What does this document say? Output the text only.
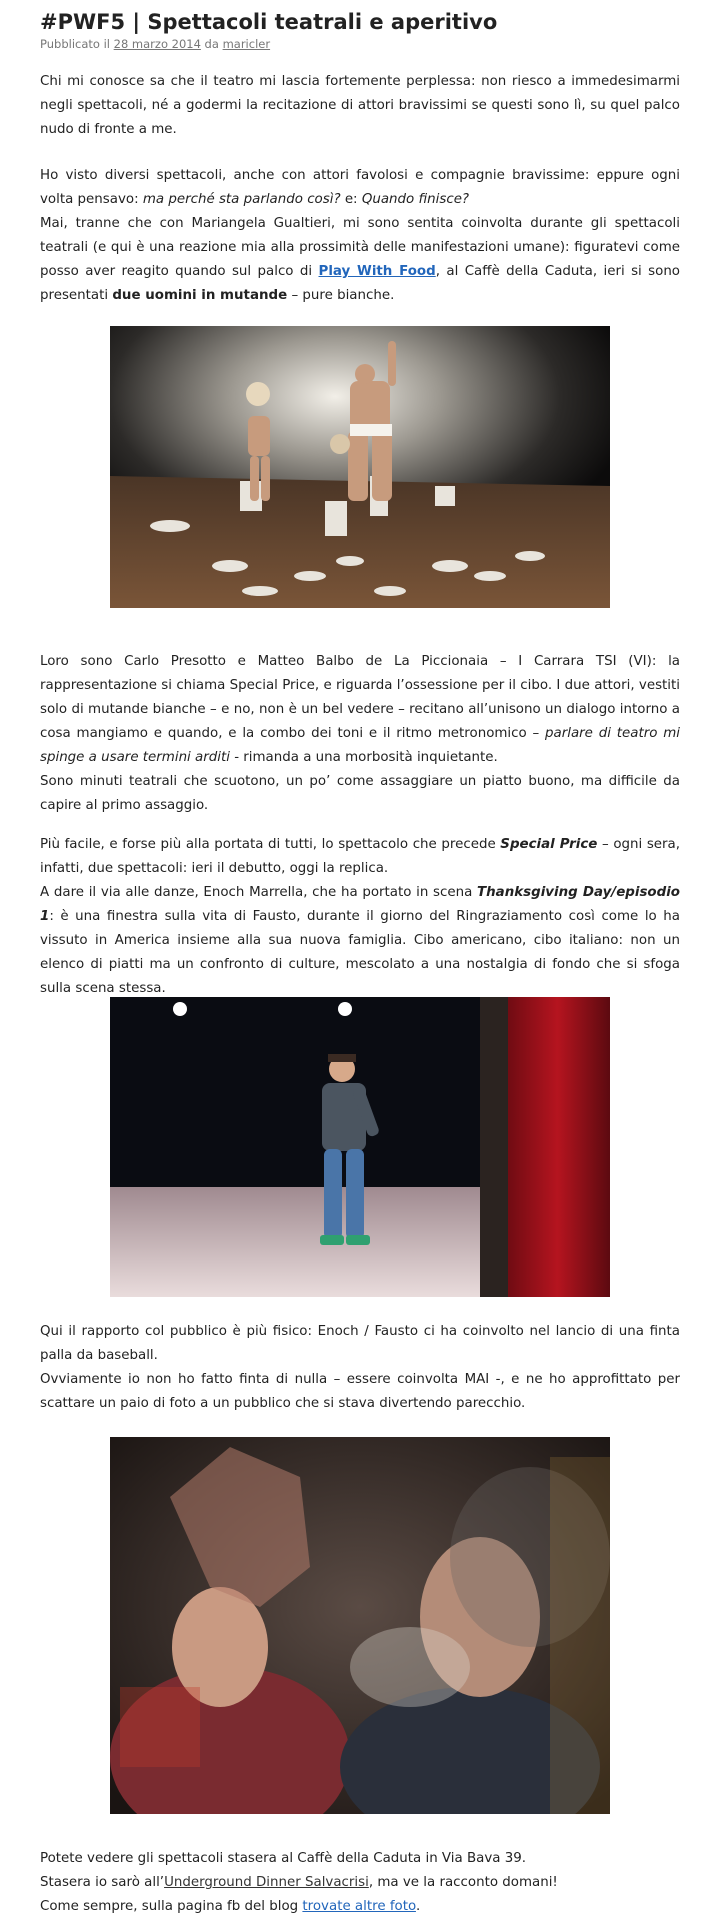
#PWF5 | Spettacoli teatrali e aperitivo
Pubblicato il 28 marzo 2014 da maricler

Chi mi conosce sa che il teatro mi lascia fortemente perplessa: non riesco a immedesimarmi negli spettacoli, né a godermi la recitazione di attori bravissimi se questi sono lì, su quel palco nudo di fronte a me.

Ho visto diversi spettacoli, anche con attori favolosi e compagnie bravissime: eppure ogni volta pensavo: ma perché sta parlando così? e: Quando finisce?
Mai, tranne che con Mariangela Gualtieri, mi sono sentita coinvolta durante gli spettacoli teatrali (e qui è una reazione mia alla prossimità delle manifestazioni umane): figuratevi come posso aver reagito quando sul palco di Play With Food, al Caffè della Caduta, ieri si sono presentati due uomini in mutande – pure bianche.

Loro sono Carlo Presotto e Matteo Balbo de La Piccionaia – I Carrara TSI (VI): la rappresentazione si chiama Special Price, e riguarda l’ossessione per il cibo. I due attori, vestiti solo di mutande bianche – e no, non è un bel vedere – recitano all’unisono un dialogo intorno a cosa mangiamo e quando, e la combo dei toni e il ritmo metronomico – parlare di teatro mi spinge a usare termini arditi - rimanda a una morbosità inquietante.
Sono minuti teatrali che scuotono, un po’ come assaggiare un piatto buono, ma difficile da capire al primo assaggio.

Più facile, e forse più alla portata di tutti, lo spettacolo che precede Special Price – ogni sera, infatti, due spettacoli: ieri il debutto, oggi la replica.
A dare il via alle danze, Enoch Marrella, che ha portato in scena Thanksgiving Day/episodio 1: è una finestra sulla vita di Fausto, durante il giorno del Ringraziamento così come lo ha vissuto in America insieme alla sua nuova famiglia. Cibo americano, cibo italiano: non un elenco di piatti ma un confronto di culture, mescolato a una nostalgia di fondo che si sfoga sulla scena stessa.

Qui il rapporto col pubblico è più fisico: Enoch / Fausto ci ha coinvolto nel lancio di una finta palla da baseball.
Ovviamente io non ho fatto finta di nulla – essere coinvolta MAI -, e ne ho approfittato per scattare un paio di foto a un pubblico che si stava divertendo parecchio.

Potete vedere gli spettacoli stasera al Caffè della Caduta in Via Bava 39.
Stasera io sarò all’Underground Dinner Salvacrisi, ma ve la racconto domani!
Come sempre, sulla pagina fb del blog trovate altre foto.
